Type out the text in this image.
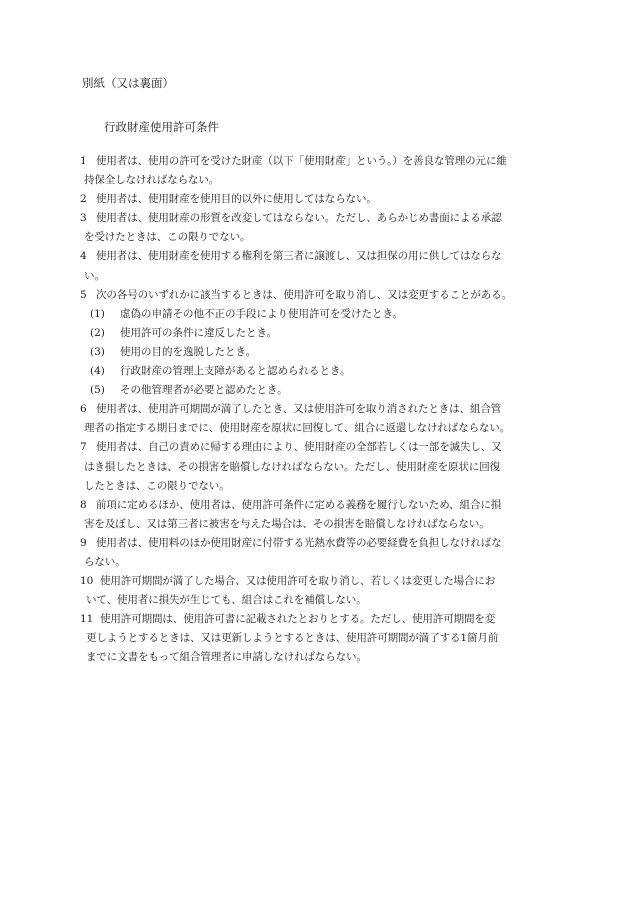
別紙（又は裏面）
行政財産使用許可条件
1 使用者は、使用の許可を受けた財産（以下「使用財産」という。）を善良な管理の元に維
持保全しなければならない。
2 使用者は、使用財産を使用目的以外に使用してはならない。
3 使用者は、使用財産の形質を改変してはならない。ただし、あらかじめ書面による承認
を受けたときは、この限りでない。
4 使用者は、使用財産を使用する権利を第三者に譲渡し、又は担保の用に供してはならな
い。
5 次の各号のいずれかに該当するときは、使用許可を取り消し、又は変更することがある。
(1) 虚偽の申請その他不正の手段により使用許可を受けたとき。
(2) 使用許可の条件に違反したとき。
(3) 使用の目的を逸脱したとき。
(4) 行政財産の管理上支障があると認められるとき。
(5) その他管理者が必要と認めたとき。
6 使用者は、使用許可期間が満了したとき、又は使用許可を取り消されたときは、組合管
理者の指定する期日までに、使用財産を原状に回復して、組合に返還しなければならない。
7 使用者は、自己の責めに帰する理由により、使用財産の全部若しくは一部を滅失し、又
はき損したときは、その損害を賠償しなければならない。ただし、使用財産を原状に回復
したときは、この限りでない。
8 前項に定めるほか、使用者は、使用許可条件に定める義務を履行しないため、組合に損
害を及ぼし、又は第三者に被害を与えた場合は、その損害を賠償しなければならない。
9 使用者は、使用料のほか使用財産に付帯する光熱水費等の必要経費を負担しなければな
らない。
10 使用許可期間が満了した場合、又は使用許可を取り消し、若しくは変更した場合にお
いて、使用者に損失が生じても、組合はこれを補償しない。
11 使用許可期間は、使用許可書に記載されたとおりとする。ただし、使用許可期間を変
更しようとするときは、又は更新しようとするときは、使用許可期間が満了する1箇月前
までに文書をもって組合管理者に申請しなければならない。
